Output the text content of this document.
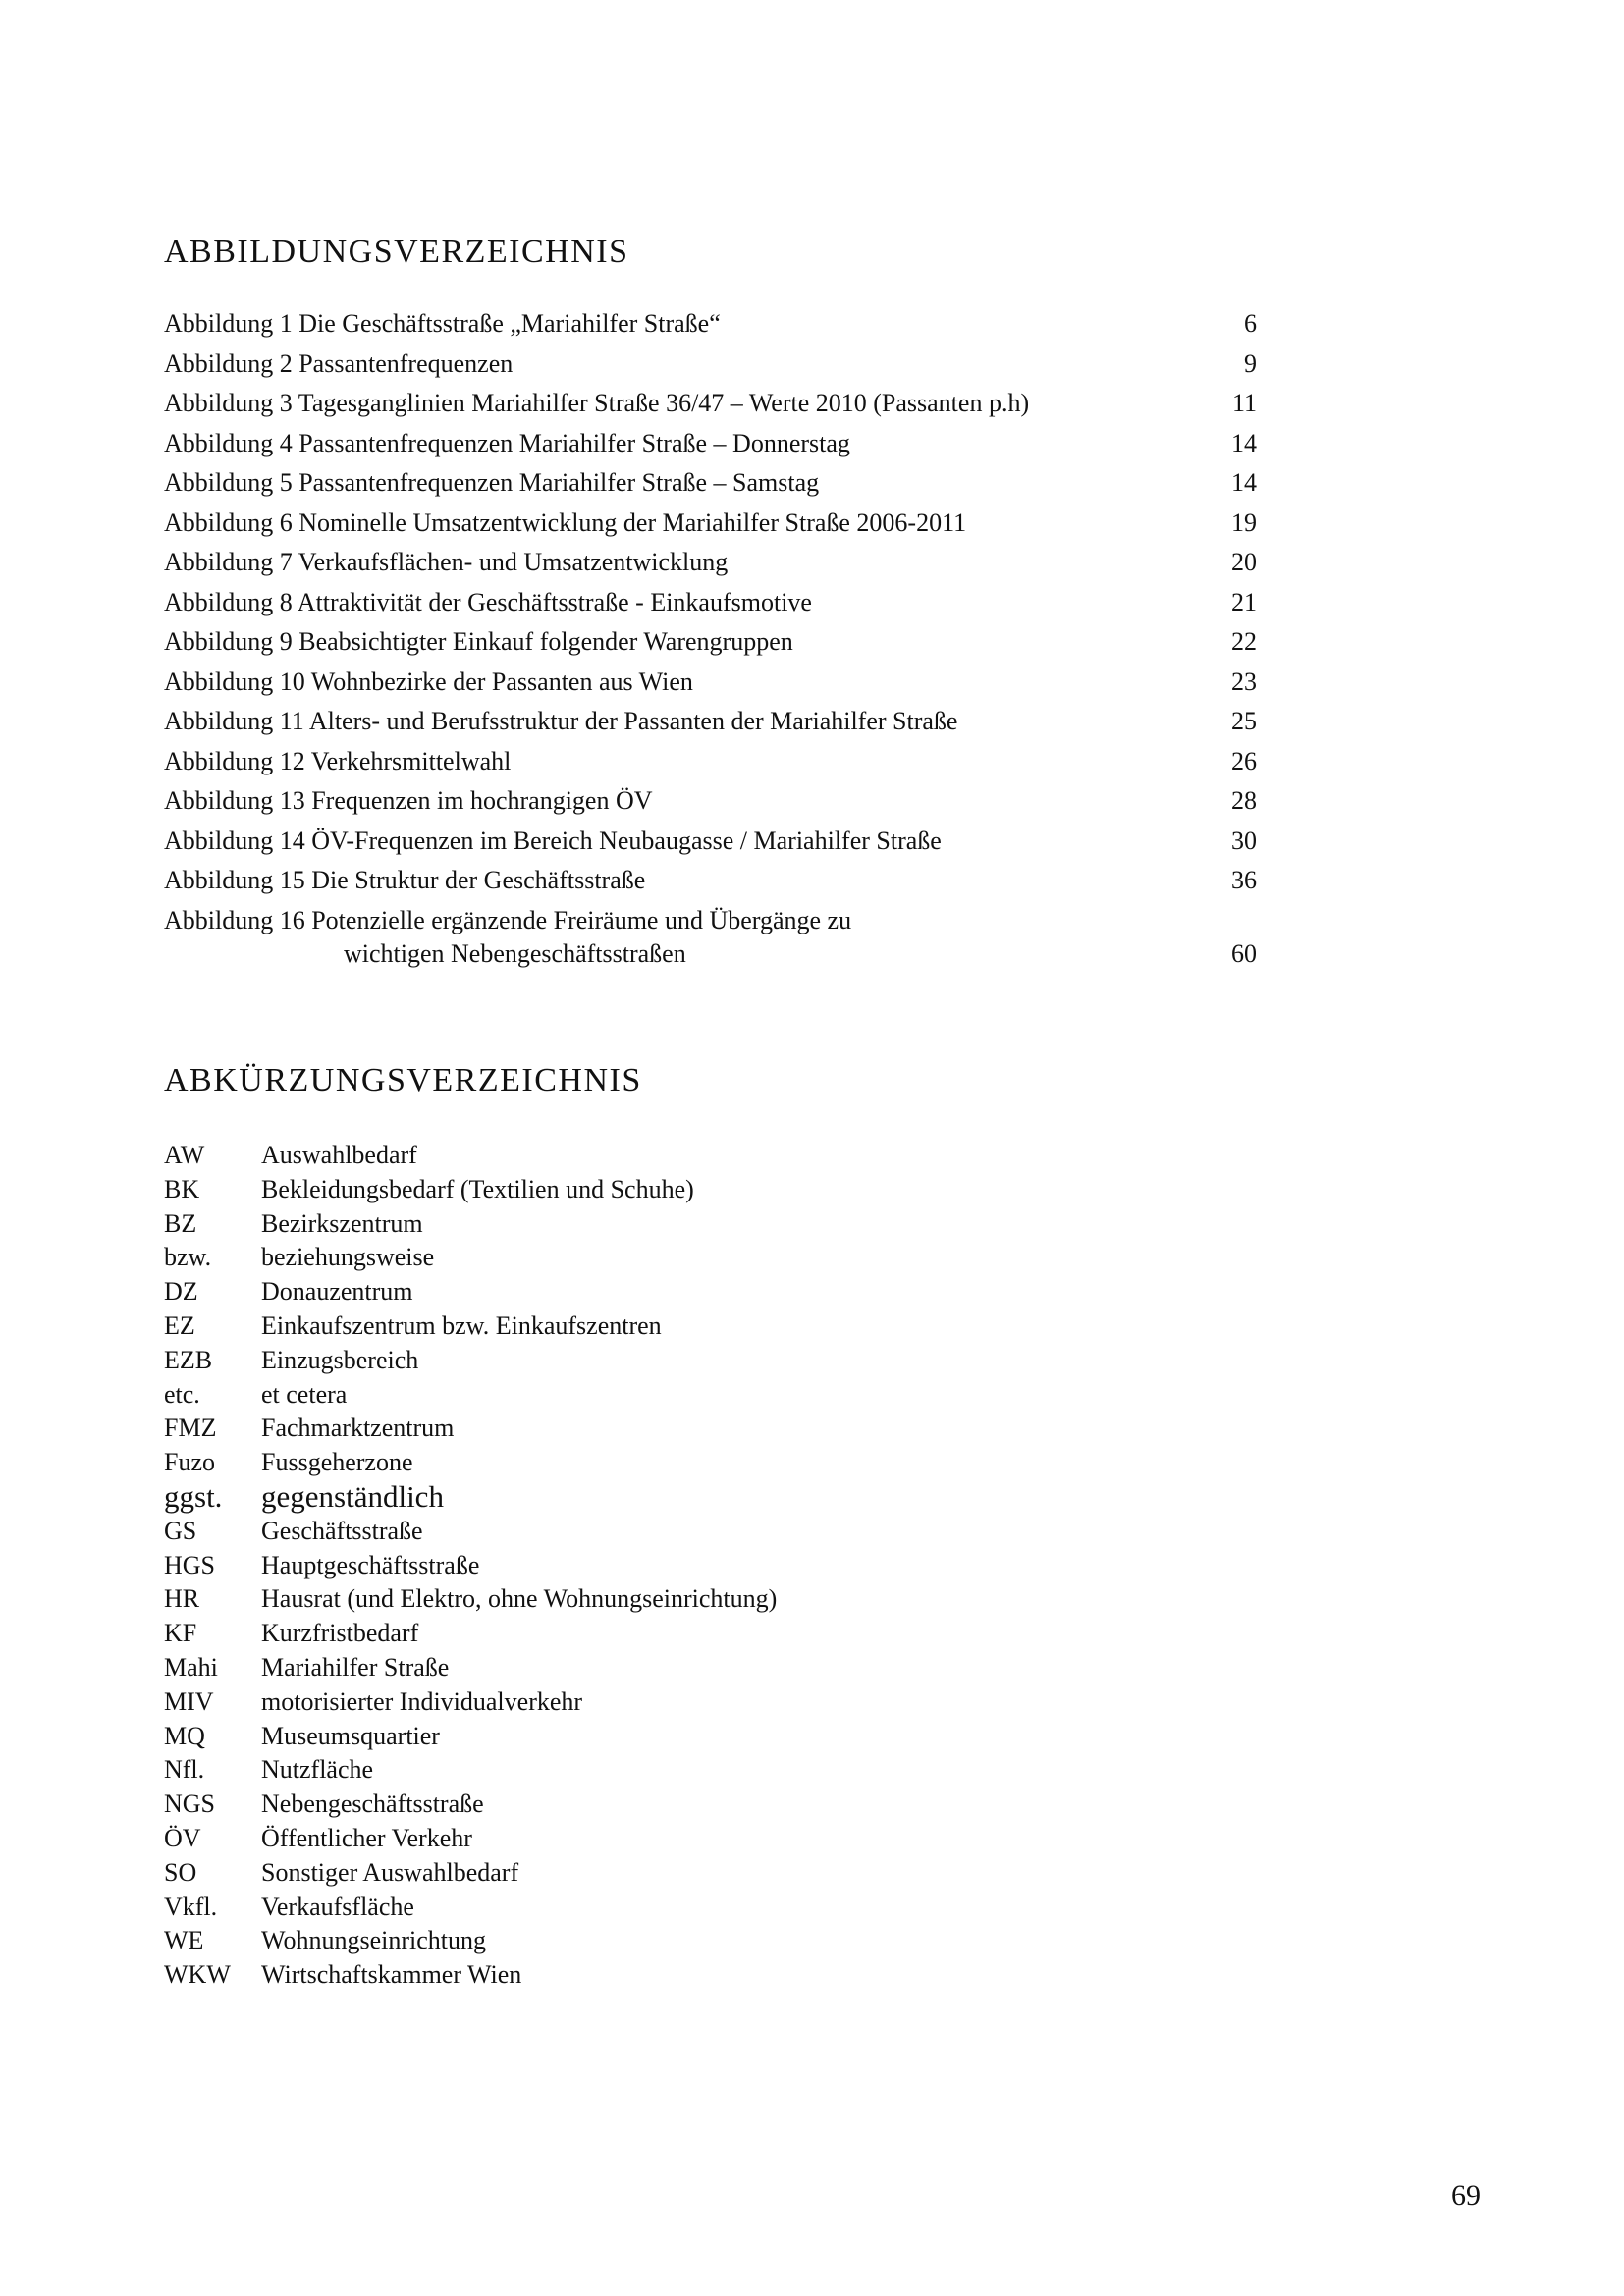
ABBILDUNGSVERZEICHNIS
Abbildung 1 Die Geschäftsstraße „Mariahilfer Straße“	6
Abbildung 2 Passantenfrequenzen	9
Abbildung 3 Tagesganglinien Mariahilfer Straße 36/47 – Werte 2010 (Passanten p.h)	11
Abbildung 4 Passantenfrequenzen Mariahilfer Straße – Donnerstag	14
Abbildung 5 Passantenfrequenzen Mariahilfer Straße – Samstag	14
Abbildung 6 Nominelle Umsatzentwicklung der Mariahilfer Straße 2006-2011	19
Abbildung 7 Verkaufsflächen- und Umsatzentwicklung	20
Abbildung 8 Attraktivität der Geschäftsstraße - Einkaufsmotive	21
Abbildung 9 Beabsichtigter Einkauf folgender Warengruppen	22
Abbildung 10 Wohnbezirke der Passanten aus Wien	23
Abbildung 11 Alters- und Berufsstruktur der Passanten der Mariahilfer Straße	25
Abbildung 12 Verkehrsmittelwahl	26
Abbildung 13 Frequenzen im hochrangigen ÖV	28
Abbildung 14 ÖV-Frequenzen im Bereich Neubaugasse / Mariahilfer Straße	30
Abbildung 15 Die Struktur der Geschäftsstraße	36
Abbildung 16 Potenzielle ergänzende Freiräume und Übergänge zu
wichtigen Nebengeschäftsstraßen	60
ABKÜRZUNGSVERZEICHNIS
AW Auswahlbedarf
BK Bekleidungsbedarf (Textilien und Schuhe)
BZ	Bezirkszentrum
bzw. beziehungsweise
DZ Donauzentrum
EZ	Einkaufszentrum bzw. Einkaufszentren
EZB Einzugsbereich
etc. et cetera
FMZ Fachmarktzentrum
Fuzo Fussgeherzone
ggst. gegenständlich
GS	Geschäftsstraße
HGS Hauptgeschäftsstraße
HR Hausrat (und Elektro, ohne Wohnungseinrichtung)
KF	Kurzfristbedarf
Mahi Mariahilfer Straße
MIV motorisierter Individualverkehr
MQ Museumsquartier
Nfl. Nutzfläche
NGS Nebengeschäftsstraße
ÖV Öffentlicher Verkehr
SO	Sonstiger Auswahlbedarf
Vkfl. Verkaufsfläche
WE Wohnungseinrichtung
WKW Wirtschaftskammer Wien
69
